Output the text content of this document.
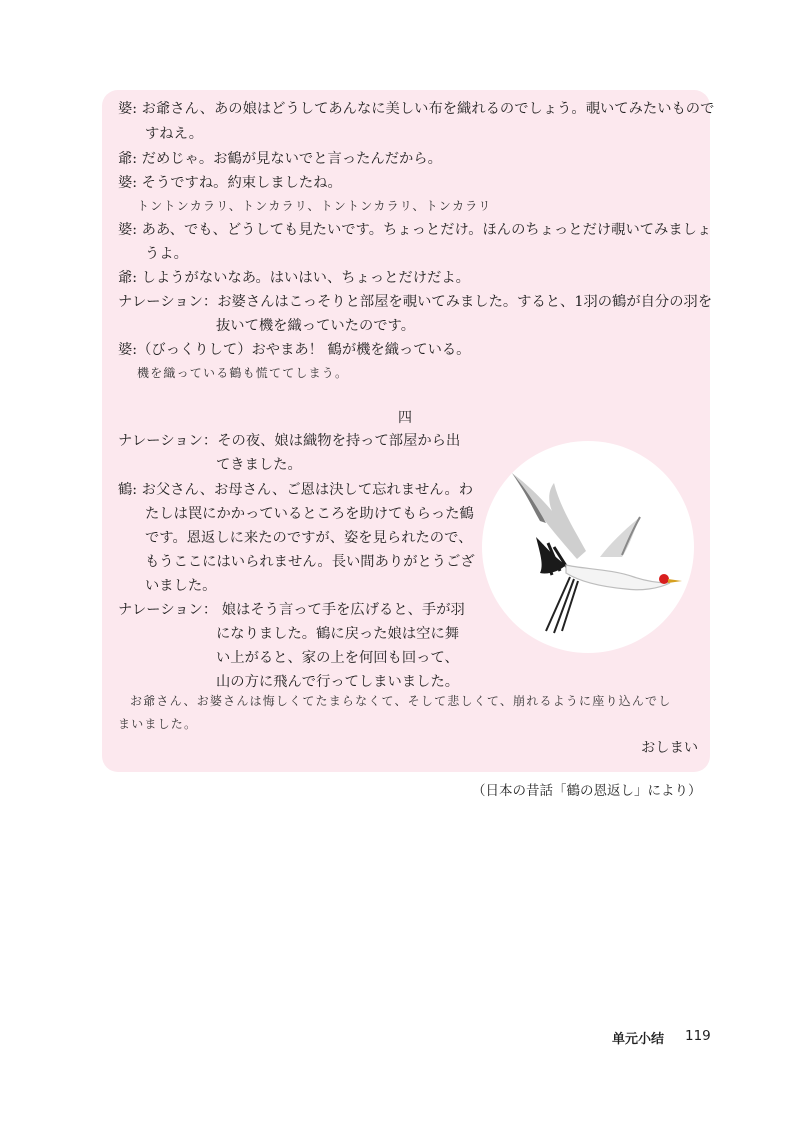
婆: お爺さん、あの娘はどうしてあんなに美しい布を織れるのでしょう。覗いてみたいもので
すねえ。
爺: だめじゃ。お鶴が見ないでと言ったんだから。
婆: そうですね。約束しましたね。
トントンカラリ、トンカラリ、トントンカラリ、トンカラリ
婆: ああ、でも、どうしても見たいです。ちょっとだけ。ほんのちょっとだけ覗いてみましょ
うよ。
爺: しようがないなあ。はいはい、ちょっとだけだよ。
ナレーション：お婆さんはこっそりと部屋を覗いてみました。すると、1羽の鶴が自分の羽を
抜いて機を織っていたのです。
婆:（びっくりして）おやまあ！ 鶴が機を織っている。
機を織っている鶴も慌ててしまう。
四
ナレーション：その夜、娘は織物を持って部屋から出
てきました。
鶴: お父さん、お母さん、ご恩は決して忘れません。わ
たしは罠にかかっているところを助けてもらった鶴
です。恩返しに来たのですが、姿を見られたので、
もうここにはいられません。長い間ありがとうござ
いました。
ナレーション： 娘はそう言って手を広げると、手が羽
になりました。鶴に戻った娘は空に舞
い上がると、家の上を何回も回って、
山の方に飛んで行ってしまいました。
お爺さん、お婆さんは悔しくてたまらなくて、そして悲しくて、崩れるように座り込んでし
まいました。
おしまい
（日本の昔話「鶴の恩返し」により）
单元小结 119
